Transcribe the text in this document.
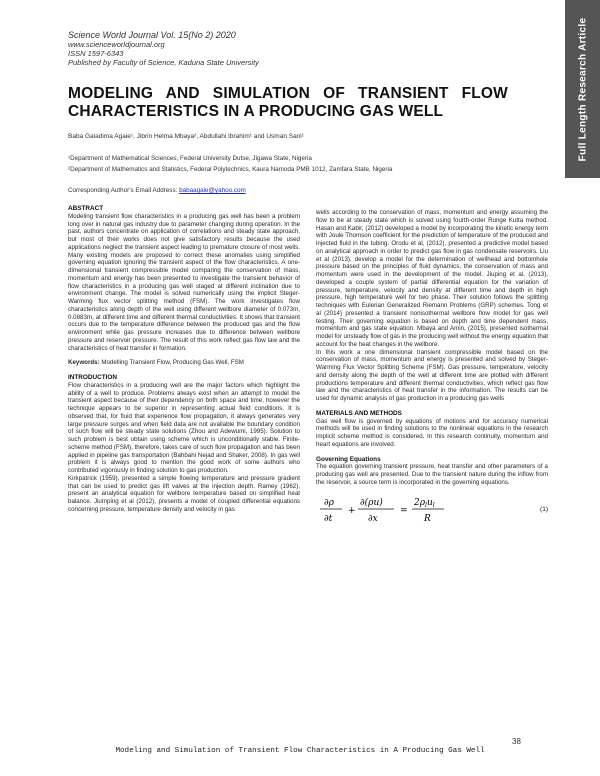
Full Length Research Article
Science World Journal Vol. 15(No 2) 2020
www.scienceworldjournal.org
ISSN 1597-6343
Published by Faculty of Science, Kaduna State University
MODELING AND SIMULATION OF TRANSIENT FLOW CHARACTERISTICS IN A PRODUCING GAS WELL
Baba Galadima Agaie¹, Jibrin Helma Mbaya², Abdullahi Ibrahim¹ and Usman Sani¹
¹Department of Mathematical Sciences, Federal University Dutse, Jigawa State, Nigeria
²Department of Mathematics and Statistics, Federal Polytechnics, Kaura Namoda PMB 1012, Zamfara State, Nigeria
Corresponding Author's Email Address: babaagaie@yahoo.com
ABSTRACT

Modeling transient flow characteristics in a producing gas well has been a problem long over in natural gas industry due to parameter changing during operation. In the past, authors concentrate on application of correlations and steady state approach, but most of their works does not give satisfactory results because the used applications neglect the transient aspect leading to premature closure of most wells. Many existing models are proposed to correct these anomalies using simplified governing equation ignoring the transient aspect of the flow characteristics. A one-dimensional transient compressible model comparing the conservation of mass, momentum and energy has been presented to investigate the transient behavior of flow characteristics in a producing gas well staged at different inclination due to environment change. The model is solved numerically using the implicit Steger-Warming flux vector splitting method (FSM). The work investigates flow characteristics along depth of the well using different wellbore diameter of 0.073m, 0.0883m, at different time and different thermal conductivities. It shows that transient occurs due to the temperature difference between the produced gas and the flow environment while gas pressure increases due to difference between wellbore pressure and reservoir pressure. The result of this work reflect gas flow law and the characteristics of heat transfer in formation.

Keywords: Modelling Transient Flow, Producing Gas Well, FSM

INTRODUCTION

Flow characteristics in a producing well are the major factors which highlight the ability of a well to produce. Problems always exist when an attempt to model the transient aspect because of their dependency on both space and time, however the technique appears to be superior in representing actual field conditions. It is observed that, for fluid that experience flow propagation, it always generates very large pressure surges and when field data are not available the boundary condition of such flow will be steady state solutions (Zhou and Adewumi, 1995). Solution to such problem is best obtain using scheme which is unconditionally stable. Finite-scheme method (FSM), therefore, takes care of such flow propagation and has been applied in pipeline gas transportation (Bahbahi Nejad and Shaker, 2008). In gas well problem it is always good to mention the good work of some authors who contributed vigorously in finding solution to gas production.

Kirkpatrick (1959), presented a simple flowing temperature and pressure gradient that can be used to predict gas lift valves at the injection depth. Ramey (1962), present an analytical equation for wellbore temperature based on simplified heat balance. Jiumping et al (2012), presents a model of coupled differential equations concerning pressure, temperature density and velocity in gas

wells according to the conservation of mass, momentum and energy assuming the flow to be at steady state which is solved using fourth-order Runge Kutta method. Hasan and Kabir, (2012) developed a model by incorporating the kinetic energy term with Joule Thomson coefficient for the prediction of temperature of the produced and injected fluid in the tubing. Orodu et al, (2012), presented a predictive model based on analytical approach in order to predict gas flow in gas condensate reservoirs. Liu et al (2013), develop a model for the determination of wellhead and bottomhole pressure based on the principles of fluid dynamics, the conservation of mass and momentum were used in the development of the model. Jiuping et al, (2013), developed a couple system of partial differential equation for the variation of pressure, temperature, velocity and density at different time and depth in high pressure, high temperature well for two phase. Their solution follows the splitting techniques with Eulerian Generalized Riemann Problems (GRP) schemes. Tong et al (2014) presented a transient nonisothermal wellbore flow model for gas well testing. Their governing equation is based on depth and time dependent mass, momentum and gas state equation. Mbaya and Amin, (2015), presented isothermal model for unsteady flow of gas in the producing well without the energy equation that account for the heat changes in the wellbore.

In this work a one dimensional transient compressible model based on the conservation of mass, momentum and energy is presented and solved by Steger-Warming Flux Vector Splitting Scheme (FSM). Gas pressure, temperature, velocity and density along the depth of the well at different time are plotted with different productions temperature and different thermal conductivities, which reflect gas flow law and the characteristics of heat transfer in the information. The results can be used for dynamic analysis of gas production in a producing gas wells

MATERIALS AND METHODS

Gas well flow is governed by equations of motions and for accuracy numerical methods will be used in finding solutions to the nonlinear equations in the research implicit scheme method is considered. In this research continuity, momentum and heart equations are involved.

Governing Equations

The equation governing transient pressure, heat transfer and other parameters of a producing gas well are presented. Due to the transient nature during the inflow from the reservoir, a source term is incorporated in the governing equations.

∂ρ
∂t
+
∂(ρu)
∂x
=
$2\rho_lu_l$
R
(1)
38
Modeling and Simulation of Transient Flow Characteristics in A Producing Gas Well
